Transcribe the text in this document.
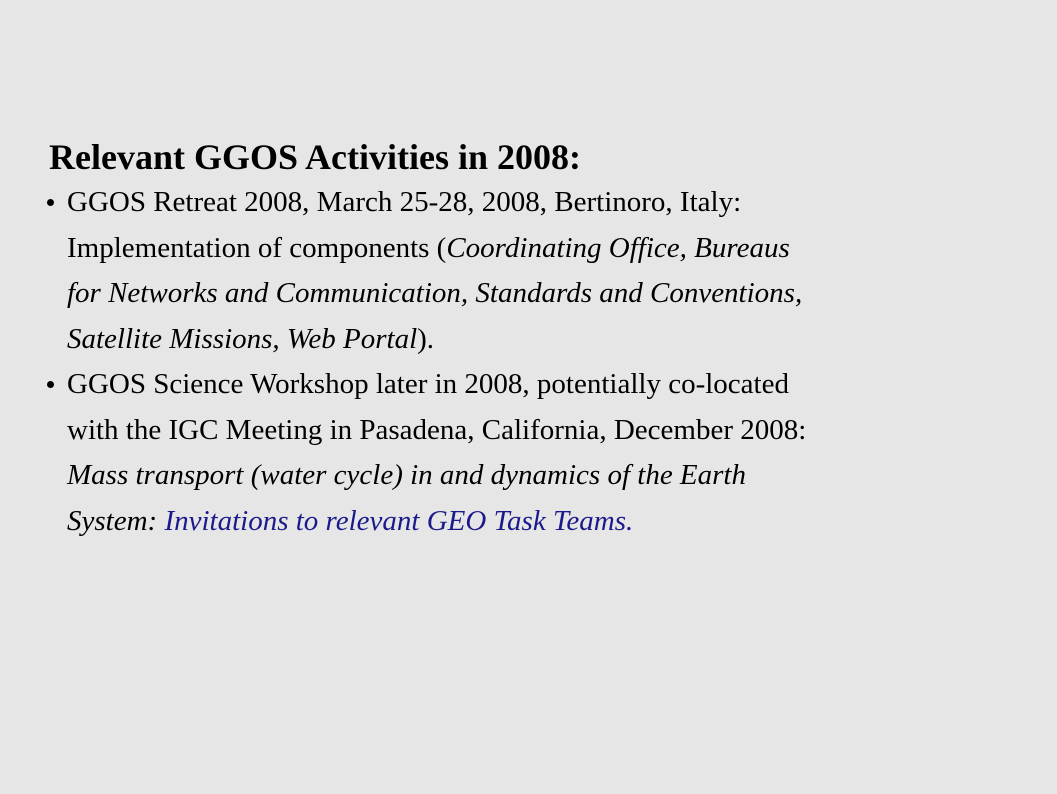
Relevant GGOS Activities in 2008:
GGOS Retreat 2008, March 25-28, 2008, Bertinoro, Italy:
Implementation of components (Coordinating Office, Bureaus
for Networks and Communication, Standards and Conventions,
Satellite Missions, Web Portal).
GGOS Science Workshop later in 2008, potentially co-located
with the IGC Meeting in Pasadena, California, December 2008:
Mass transport (water cycle) in and dynamics of the Earth
System: Invitations to relevant GEO Task Teams.
